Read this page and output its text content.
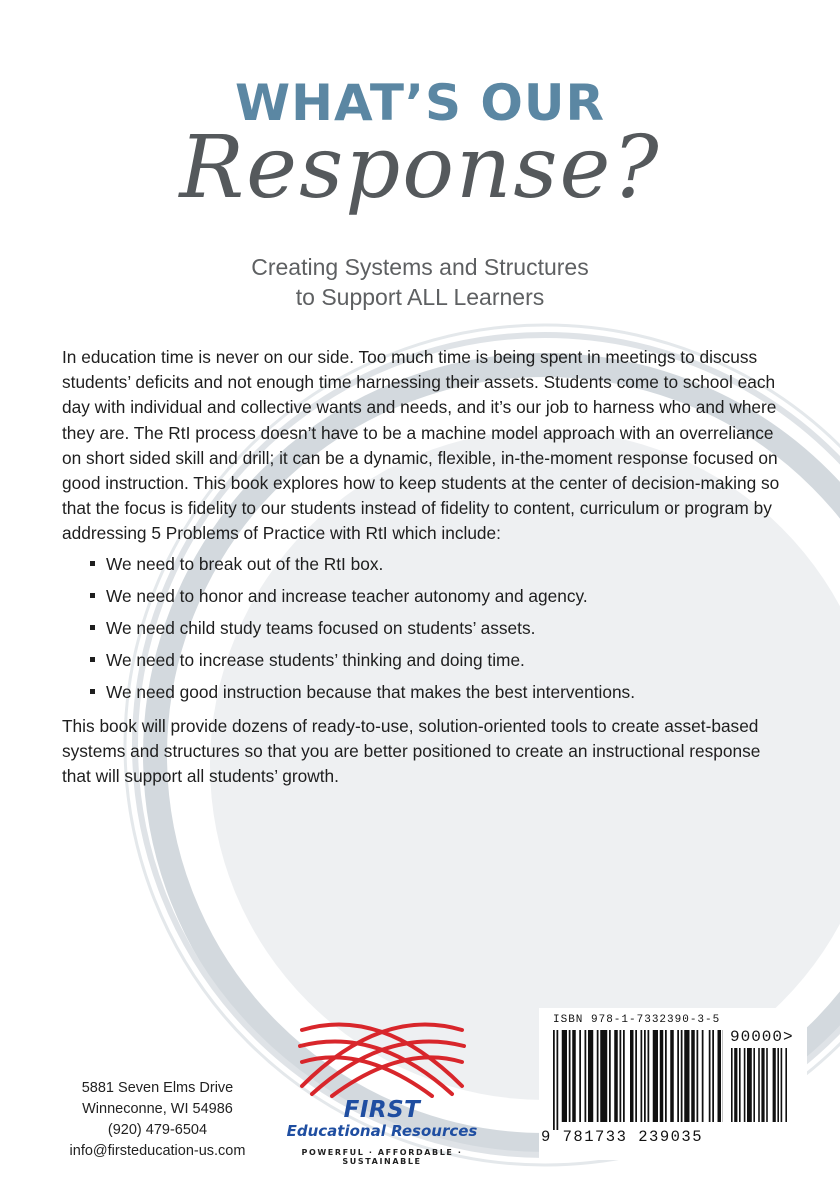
WHAT’S OUR
Response?
Creating Systems and Structures
to Support ALL Learners

In education time is never on our side. Too much time is being spent in meetings to discuss students’ deficits and not enough time harnessing their assets. Students come to school each day with individual and collective wants and needs, and it’s our job to harness who and where they are. The RtI process doesn’t have to be a machine model approach with an overreliance on short sided skill and drill; it can be a dynamic, flexible, in-the-moment response focused on good instruction. This book explores how to keep students at the center of decision-making so that the focus is fidelity to our students instead of fidelity to content, curriculum or program by addressing 5 Problems of Practice with RtI which include:

We need to break out of the RtI box.
We need to honor and increase teacher autonomy and agency.
We need child study teams focused on students’ assets.
We need to increase students’ thinking and doing time.
We need good instruction because that makes the best interventions.

This book will provide dozens of ready-to-use, solution-oriented tools to create asset-based systems and structures so that you are better positioned to create an instructional response that will support all students’ growth.

5881 Seven Elms Drive
Winneconne, WI 54986
(920) 479-6504
info@firsteducation-us.com
FIRST
Educational Resources
POWERFUL · AFFORDABLE · SUSTAINABLE
ISBN 978-1-7332390-3-5
90000>
9 781733 239035
